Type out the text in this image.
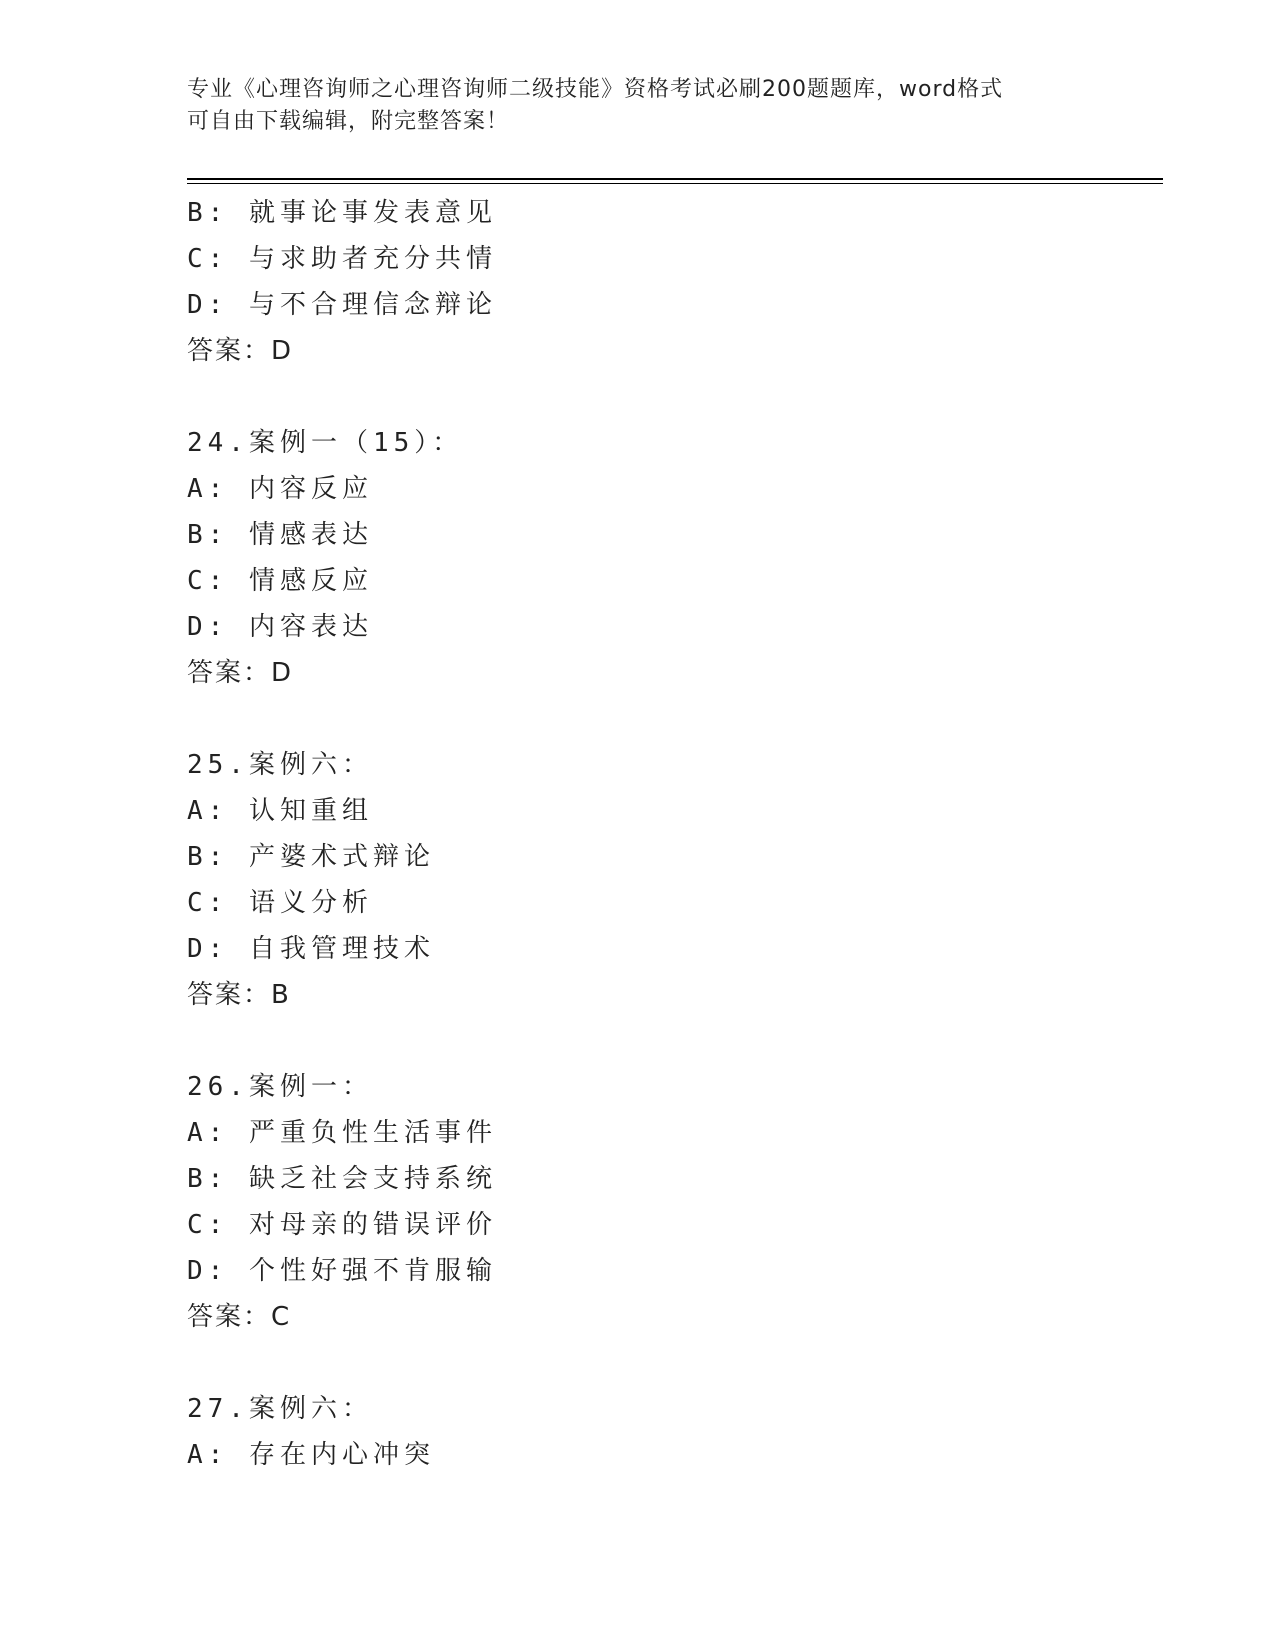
专业《心理咨询师之心理咨询师二级技能》资格考试必刷200题题库，word格式
可自由下载编辑，附完整答案！
B: 就事论事发表意见
C: 与求助者充分共情
D: 与不合理信念辩论
答案：D
24.案例一（15）：
A: 内容反应
B: 情感表达
C: 情感反应
D: 内容表达
答案：D
25.案例六：
A: 认知重组
B: 产婆术式辩论
C: 语义分析
D: 自我管理技术
答案：B
26.案例一：
A: 严重负性生活事件
B: 缺乏社会支持系统
C: 对母亲的错误评价
D: 个性好强不肯服输
答案：C
27.案例六：
A: 存在内心冲突
